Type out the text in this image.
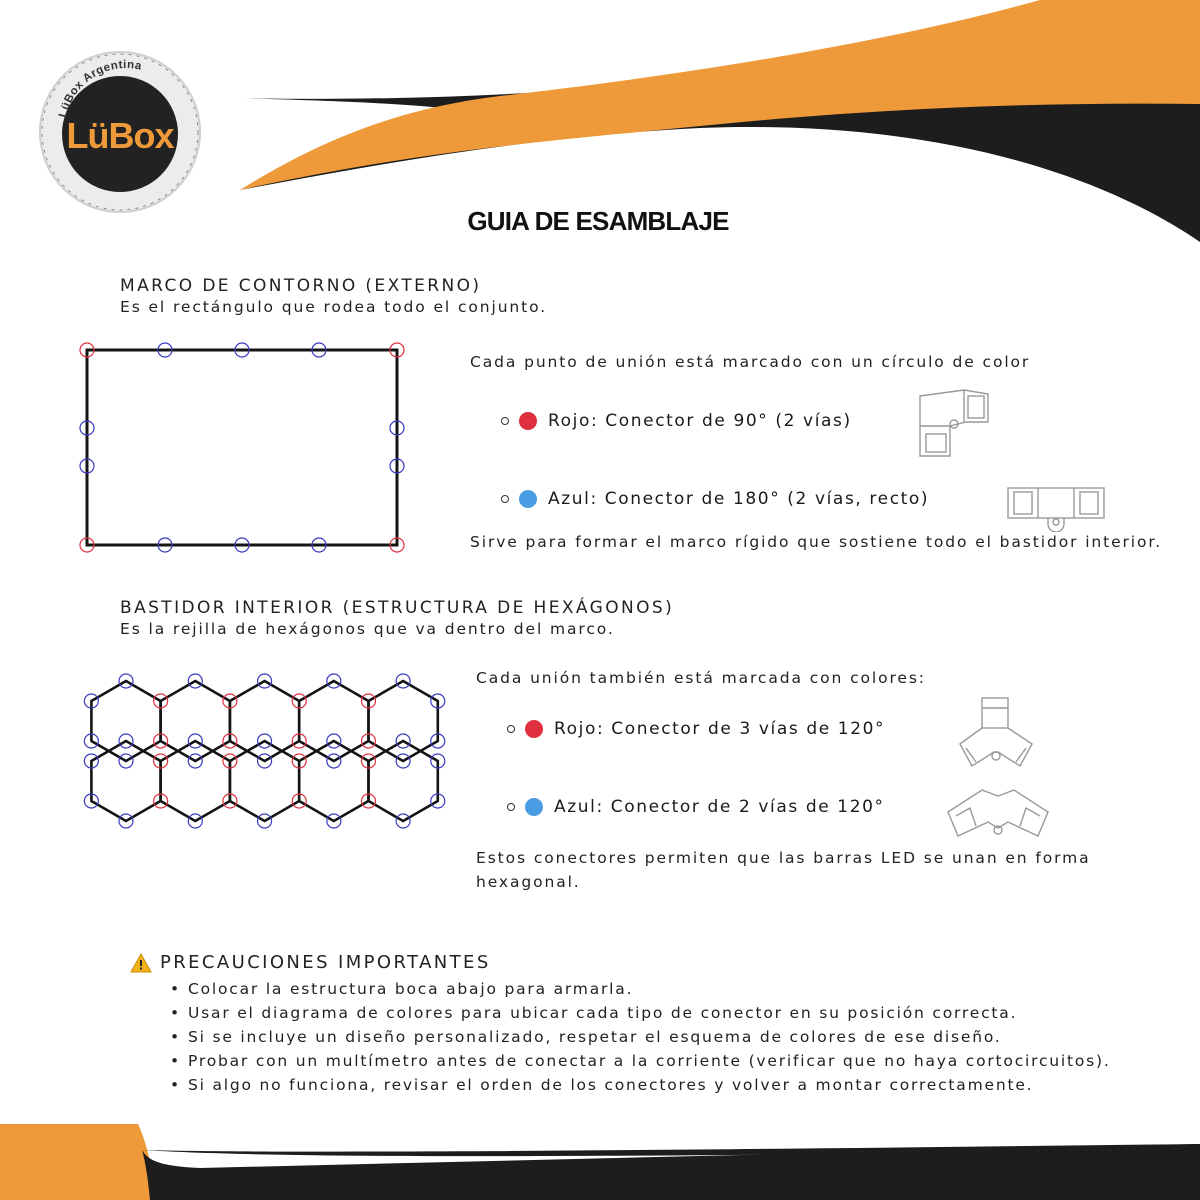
LüBox Argentina
LüBox
GUIA DE ESAMBLAJE
MARCO DE CONTORNO (EXTERNO)
Es el rectángulo que rodea todo el conjunto.
Cada punto de unión está marcado con un círculo de color
Rojo: Conector de 90° (2 vías)
Azul: Conector de 180° (2 vías, recto)
Sirve para formar el marco rígido que sostiene todo el bastidor interior.
BASTIDOR INTERIOR (ESTRUCTURA DE HEXÁGONOS)
Es la rejilla de hexágonos que va dentro del marco.
Cada unión también está marcada con colores:
Rojo: Conector de 3 vías de 120°
Azul: Conector de 2 vías de 120°
Estos conectores permiten que las barras LED se unan en forma hexagonal.
PRECAUCIONES IMPORTANTES
• Colocar la estructura boca abajo para armarla.
• Usar el diagrama de colores para ubicar cada tipo de conector en su posición correcta.
• Si se incluye un diseño personalizado, respetar el esquema de colores de ese diseño.
• Probar con un multímetro antes de conectar a la corriente (verificar que no haya cortocircuitos).
• Si algo no funciona, revisar el orden de los conectores y volver a montar correctamente.
